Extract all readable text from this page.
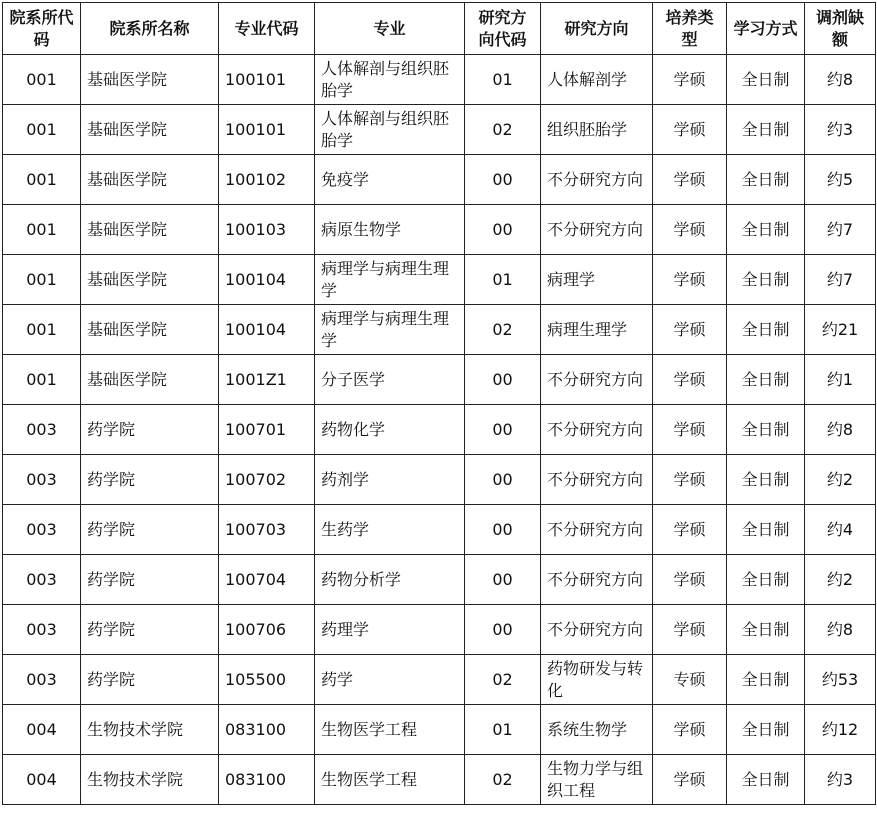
院系所代码	院系所名称	专业代码	专业	研究方向代码	研究方向	培养类型	学习方式	调剂缺额
001	基础医学院	100101	人体解剖与组织胚胎学	01	人体解剖学	学硕	全日制	约8
001	基础医学院	100101	人体解剖与组织胚胎学	02	组织胚胎学	学硕	全日制	约3
001	基础医学院	100102	免疫学	00	不分研究方向	学硕	全日制	约5
001	基础医学院	100103	病原生物学	00	不分研究方向	学硕	全日制	约7
001	基础医学院	100104	病理学与病理生理学	01	病理学	学硕	全日制	约7
001	基础医学院	100104	病理学与病理生理学	02	病理生理学	学硕	全日制	约21
001	基础医学院	1001Z1	分子医学	00	不分研究方向	学硕	全日制	约1
003	药学院	100701	药物化学	00	不分研究方向	学硕	全日制	约8
003	药学院	100702	药剂学	00	不分研究方向	学硕	全日制	约2
003	药学院	100703	生药学	00	不分研究方向	学硕	全日制	约4
003	药学院	100704	药物分析学	00	不分研究方向	学硕	全日制	约2
003	药学院	100706	药理学	00	不分研究方向	学硕	全日制	约8
003	药学院	105500	药学	02	药物研发与转化	专硕	全日制	约53
004	生物技术学院	083100	生物医学工程	01	系统生物学	学硕	全日制	约12
004	生物技术学院	083100	生物医学工程	02	生物力学与组织工程	学硕	全日制	约3
